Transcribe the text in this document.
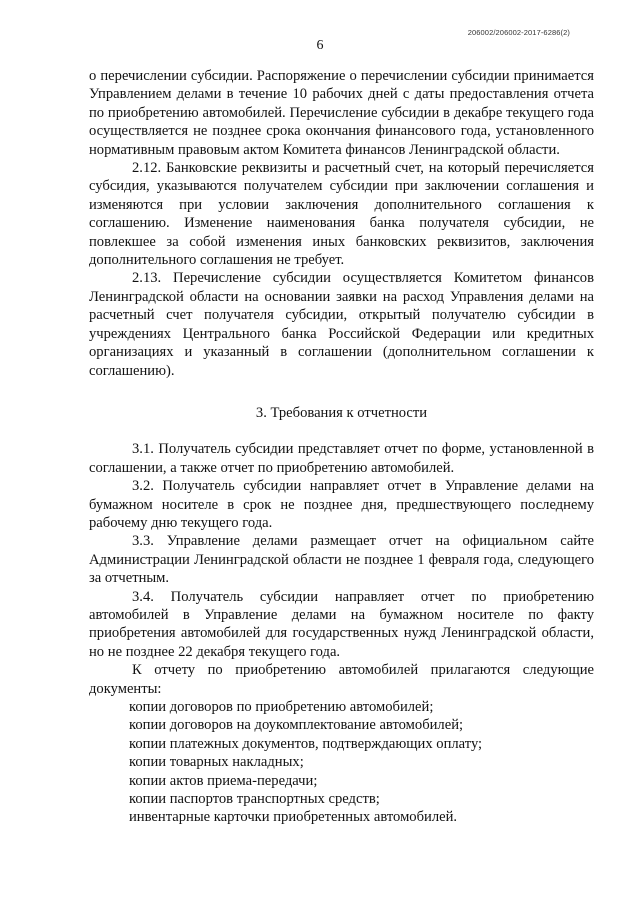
206002/206002-2017-6286(2)
6

о перечислении субсидии. Распоряжение о перечислении субсидии принимается Управлением делами в течение 10 рабочих дней с даты предоставления отчета по приобретению автомобилей. Перечисление субсидии в декабре текущего года осуществляется не позднее срока окончания финансового года, установленного нормативным правовым актом Комитета финансов Ленинградской области.

2.12. Банковские реквизиты и расчетный счет, на который перечисляется субсидия, указываются получателем субсидии при заключении соглашения и изменяются при условии заключения дополнительного соглашения к соглашению. Изменение наименования банка получателя субсидии, не повлекшее за собой изменения иных банковских реквизитов, заключения дополнительного соглашения не требует.

2.13. Перечисление субсидии осуществляется Комитетом финансов Ленинградской области на основании заявки на расход Управления делами на расчетный счет получателя субсидии, открытый получателю субсидии в учреждениях Центрального банка Российской Федерации или кредитных организациях и указанный в соглашении (дополнительном соглашении к соглашению).

3. Требования к отчетности

3.1. Получатель субсидии представляет отчет по форме, установленной в соглашении, а также отчет по приобретению автомобилей.

3.2. Получатель субсидии направляет отчет в Управление делами на бумажном носителе в срок не позднее дня, предшествующего последнему рабочему дню текущего года.

3.3. Управление делами размещает отчет на официальном сайте Администрации Ленинградской области не позднее 1 февраля года, следующего за отчетным.

3.4. Получатель субсидии направляет отчет по приобретению автомобилей в Управление делами на бумажном носителе по факту приобретения автомобилей для государственных нужд Ленинградской области, но не позднее 22 декабря текущего года.

К отчету по приобретению автомобилей прилагаются следующие документы:

копии договоров по приобретению автомобилей;

копии договоров на доукомплектование автомобилей;

копии платежных документов, подтверждающих оплату;

копии товарных накладных;

копии актов приема-передачи;

копии паспортов транспортных средств;

инвентарные карточки приобретенных автомобилей.
